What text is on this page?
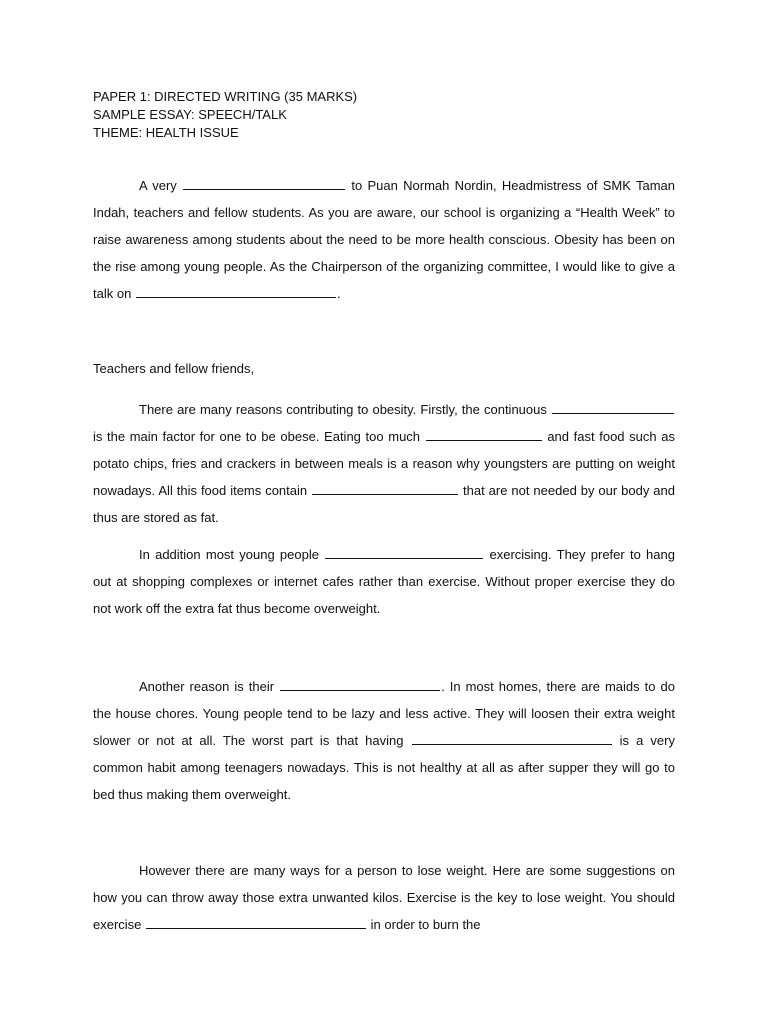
PAPER 1: DIRECTED WRITING (35 MARKS)
SAMPLE ESSAY: SPEECH/TALK
THEME: HEALTH ISSUE

A very	to Puan Normah Nordin, Headmistress of SMK Taman Indah, teachers and fellow students. As you are aware, our school is organizing a “Health Week” to raise awareness among students about the need to be more health conscious. Obesity has been on the rise among young people. As the Chairperson of the organizing committee, I would like to give a talk on	.

Teachers and fellow friends,

There are many reasons contributing to obesity. Firstly, the continuous  is the main factor for one to be obese. Eating too much	and fast food such as potato chips, fries and crackers in between meals is a reason why youngsters are putting on weight nowadays. All this food items contain	that are not needed by our body and thus are stored as fat.

In addition most young people	exercising. They prefer to hang out at shopping complexes or internet cafes rather than exercise. Without proper exercise they do not work off the extra fat thus become overweight.

Another reason is their	. In most homes, there are maids to do the house chores. Young people tend to be lazy and less active. They will loosen their extra weight slower or not at all. The worst part is that having	is a very common habit among teenagers nowadays. This is not healthy at all as after supper they will go to bed thus making them overweight.

However there are many ways for a person to lose weight. Here are some suggestions on how you can throw away those extra unwanted kilos. Exercise is the key to lose weight. You should exercise	in order to burn the
